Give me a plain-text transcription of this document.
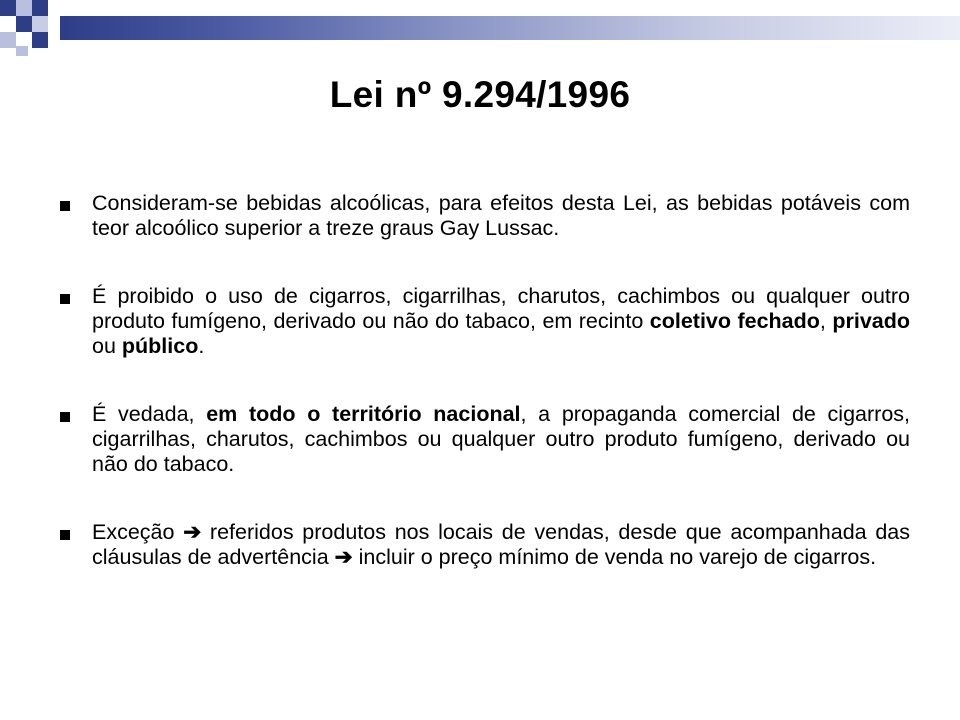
Lei nº 9.294/1996
Consideram-se bebidas alcoólicas, para efeitos desta Lei, as bebidas potáveis com teor alcoólico superior a treze graus Gay Lussac.
É proibido o uso de cigarros, cigarrilhas, charutos, cachimbos ou qualquer outro produto fumígeno, derivado ou não do tabaco, em recinto coletivo fechado, privado ou público.
É vedada, em todo o território nacional, a propaganda comercial de cigarros, cigarrilhas, charutos, cachimbos ou qualquer outro produto fumígeno, derivado ou não do tabaco.
Exceção ➔ referidos produtos nos locais de vendas, desde que acompanhada das cláusulas de advertência ➔ incluir o preço mínimo de venda no varejo de cigarros.
